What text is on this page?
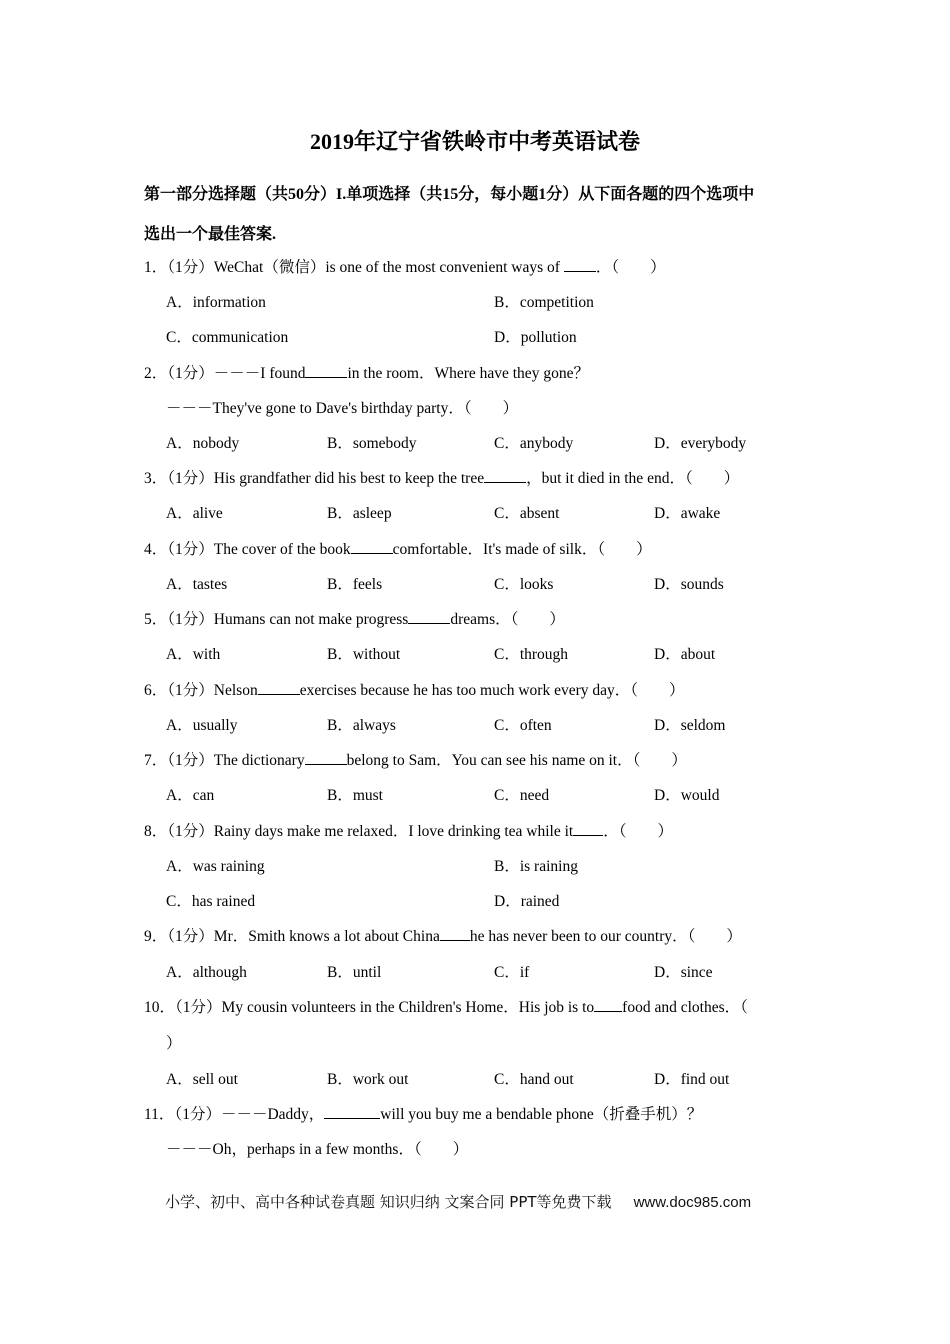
2019年辽宁省铁岭市中考英语试卷
第一部分选择题（共50分）I.单项选择（共15分，每小题1分）从下面各题的四个选项中
选出一个最佳答案.
1．（1分）WeChat（微信）is one of the most convenient ways of ．（　　）
A．information	B．competition
C．communication	D．pollution
2．（1分）－－－I found	in the room．Where have they gone？
－－－They've gone to Dave's birthday party．（　　）
A．nobody	B．somebody	C．anybody	D．everybody
3．（1分）His grandfather did his best to keep the tree	，but it died in the end．（　　）
A．alive	B．asleep	C．absent	D．awake
4．（1分）The cover of the book	comfortable．It's made of silk．（　　）
A．tastes	B．feels	C．looks	D．sounds
5．（1分）Humans can not make progress	dreams．（　　）
A．with	B．without	C．through	D．about
6．（1分）Nelson	exercises because he has too much work every day．（　　）
A．usually	B．always	C．often	D．seldom
7．（1分）The dictionary	belong to Sam．You can see his name on it．（　　）
A．can	B．must	C．need	D．would
8．（1分）Rainy days make me relaxed．I love drinking tea while it ．（　　）
A．was raining	B．is raining
C．has rained	D．rained
9．（1分）Mr．Smith knows a lot about China he has never been to our country．（　　）
A．although	B．until	C．if	D．since
10．（1分）My cousin volunteers in the Children's Home．His job is to food and clothes．（
）
A．sell out	B．work out	C．hand out	D．find out
11．（1分）－－－Daddy，	will you buy me a bendable phone（折叠手机）？
－－－Oh，perhaps in a few months．（　　）
小学、初中、高中各种试卷真题 知识归纳 文案合同 PPT等免费下载 www.doc985.com
